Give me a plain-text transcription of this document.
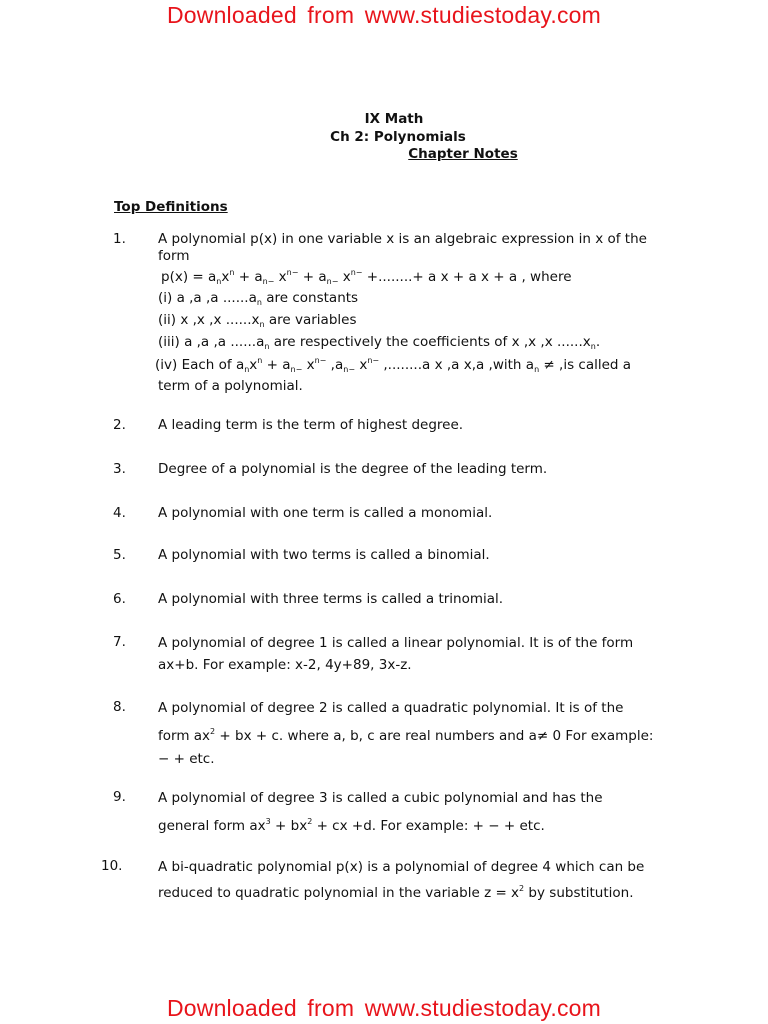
Downloaded from www.studiestoday.com
IX Math
Ch 2: Polynomials
Chapter Notes
Top Definitions
1. A polynomial p(x) in one variable x is an algebraic expression in x of the form
$p(x) = a_nx^n + a_{n-}$ $x^{n-} + a_{n-}$ $x^{n-}$ +........+ a x + a x + a , where
(i) a ,a ,a $......a_n$ are constants
(ii) x ,x ,x $......x_n$ are variables
(iii) a ,a ,a $......a_n$ are respectively the coefficients of x ,x ,x $......x_n$.
(iv) Each of $a_nx^n + a_{n-}$ $x^{n-}$ $,a_{n-}$ $x^{n-}$ ,........a x ,a x,a ,with $a_n \ne ,is$ called a
term of a polynomial.
2. A leading term is the term of highest degree.
3. Degree of a polynomial is the degree of the leading term.
4. A polynomial with one term is called a monomial.
5. A polynomial with two terms is called a binomial.
6. A polynomial with three terms is called a trinomial.
7. A polynomial of degree 1 is called a linear polynomial. It is of the form ax+b. For example: x-2, 4y+89, 3x-z.
8. A polynomial of degree 2 is called a quadratic polynomial. It is of the form $ax^2$ + bx + c. where a, b, c are real numbers and a≠ 0 For example: − + etc.
9. A polynomial of degree 3 is called a cubic polynomial and has the general form $ax^3 + bx^2$ + cx +d. For example: + − + etc.
10.	A bi-quadratic polynomial p(x) is a polynomial of degree 4 which can be reduced to quadratic polynomial in the variable $z = x^2$ by substitution.
Downloaded from www.studiestoday.com
